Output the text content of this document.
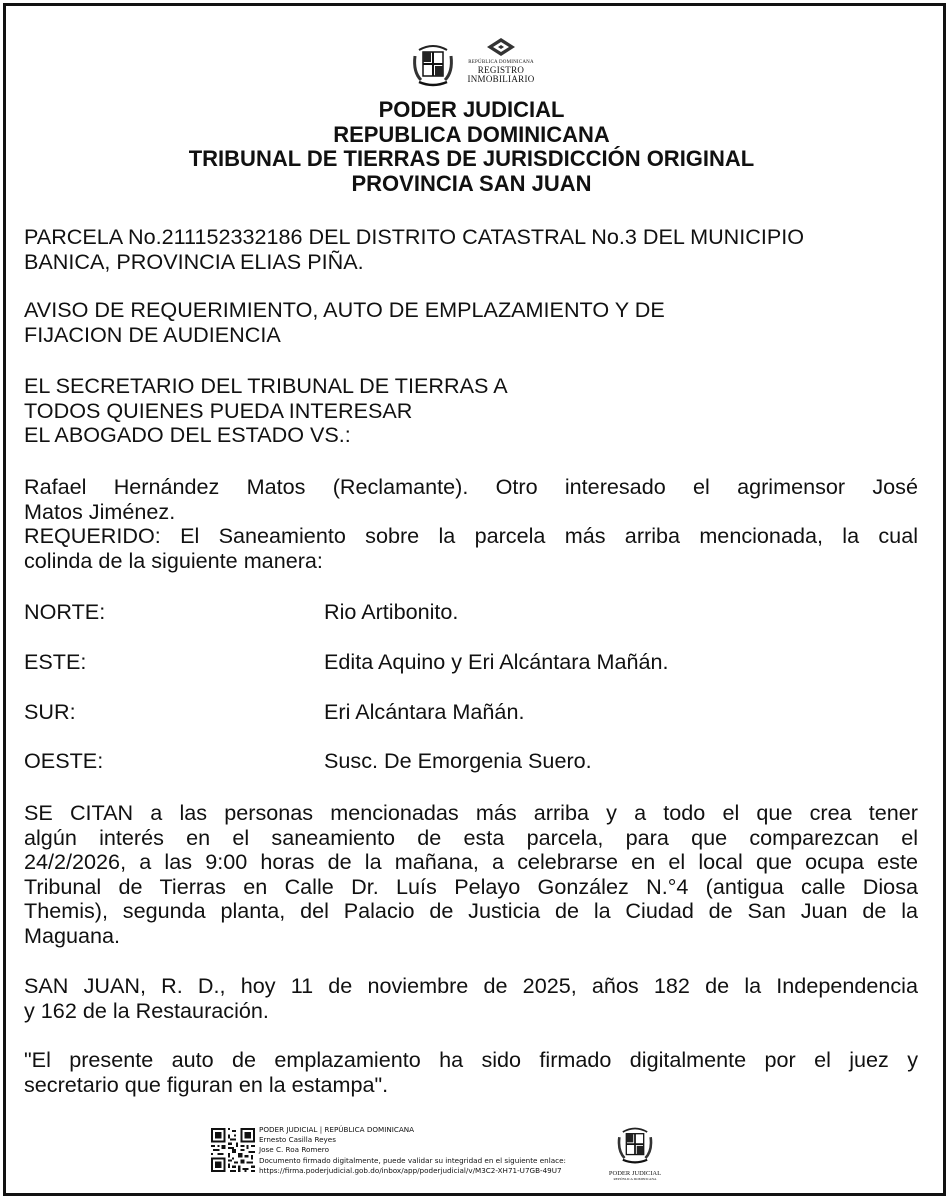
REPÚBLICA DOMINICANA
REGISTRO
INMOBILIARIO
PODER JUDICIAL
REPUBLICA DOMINICANA
TRIBUNAL DE TIERRAS DE JURISDICCIÓN ORIGINAL
PROVINCIA SAN JUAN
PARCELA No.211152332186 DEL DISTRITO CATASTRAL No.3 DEL MUNICIPIO
BANICA, PROVINCIA ELIAS PIÑA.
AVISO DE REQUERIMIENTO, AUTO DE EMPLAZAMIENTO Y DE
FIJACION DE AUDIENCIA
EL SECRETARIO DEL TRIBUNAL DE TIERRAS A
TODOS QUIENES PUEDA INTERESAR
EL ABOGADO DEL ESTADO VS.:
Rafael Hernández Matos (Reclamante). Otro interesado el agrimensor José
Matos Jiménez.
REQUERIDO: El Saneamiento sobre la parcela más arriba mencionada, la cual
colinda de la siguiente manera:
NORTE:	Rio Artibonito.
ESTE:	Edita Aquino y Eri Alcántara Mañán.
SUR:	Eri Alcántara Mañán.
OESTE:	Susc. De Emorgenia Suero.
SE CITAN a las personas mencionadas más arriba y a todo el que crea tener
algún interés en el saneamiento de esta parcela, para que comparezcan el
24/2/2026, a las 9:00 horas de la mañana, a celebrarse en el local que ocupa este
Tribunal de Tierras en Calle Dr. Luís Pelayo González N.°4 (antigua calle Diosa
Themis), segunda planta, del Palacio de Justicia de la Ciudad de San Juan de la
Maguana.
SAN JUAN, R. D., hoy 11 de noviembre de 2025, años 182 de la Independencia
y 162 de la Restauración.
"El presente auto de emplazamiento ha sido firmado digitalmente por el juez y
secretario que figuran en la estampa".
PODER JUDICIAL | REPÚBLICA DOMINICANA
Ernesto Casilla Reyes
Jose C. Roa Romero
Documento firmado digitalmente, puede validar su integridad en el siguiente enlace:
https://firma.poderjudicial.gob.do/inbox/app/poderjudicial/v/M3C2-XH71-U7GB-49U7	PODER JUDICIAL
REPÚBLICA DOMINICANA
